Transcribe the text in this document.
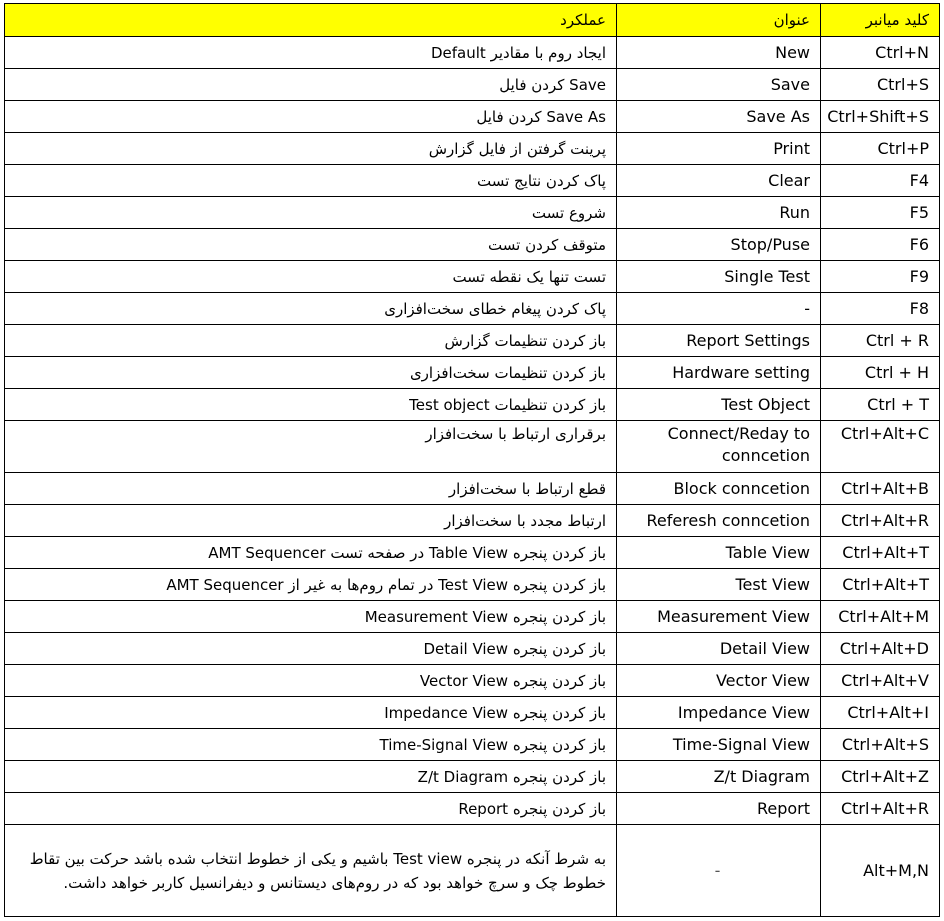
کلید میانبر	عنوان	عملکرد
Ctrl+N	New	ایجاد روم با مقادیر Default
Ctrl+S	Save	Save کردن فایل
Ctrl+Shift+S	Save As	Save As کردن فایل
Ctrl+P	Print	پرینت گرفتن از فایل گزارش
F4	Clear	پاک کردن نتایج تست
F5	Run	شروع تست
F6	Stop/Puse	متوقف کردن تست
F9	Single Test	تست تنها یک نقطه تست
F8	-	پاک کردن پیغام خطای سخت‌افزاری
Ctrl + R	Report Settings	باز کردن تنظیمات گزارش
Ctrl + H	Hardware setting	باز کردن تنظیمات سخت‌افزاری
Ctrl + T	Test Object	باز کردن تنظیمات Test object
Ctrl+Alt+C	Connect/Reday to conncetion	برقراری ارتباط با سخت‌افزار
Ctrl+Alt+B	Block conncetion	قطع ارتباط با سخت‌افزار
Ctrl+Alt+R	Referesh conncetion	ارتباط مجدد با سخت‌افزار
Ctrl+Alt+T	Table View	باز کردن پنجره Table View در صفحه تست AMT Sequencer
Ctrl+Alt+T	Test View	باز کردن پنجره Test View در تمام روم‌ها به غیر از AMT Sequencer
Ctrl+Alt+M	Measurement View	باز کردن پنجره Measurement View
Ctrl+Alt+D	Detail View	باز کردن پنجره Detail View
Ctrl+Alt+V	Vector View	باز کردن پنجره Vector View
Ctrl+Alt+I	Impedance View	باز کردن پنجره Impedance View
Ctrl+Alt+S	Time-Signal View	باز کردن پنجره Time-Signal View
Ctrl+Alt+Z	Z/t Diagram	باز کردن پنجره Z/t Diagram
Ctrl+Alt+R	Report	باز کردن پنجره Report
Alt+M,N	-	به شرط آنکه در پنجره Test view باشیم و یکی از خطوط انتخاب شده باشد حرکت بین تقاط خطوط چک و سرچ خواهد بود که در روم‌های دیستانس و دیفرانسیل کاربر خواهد داشت.
